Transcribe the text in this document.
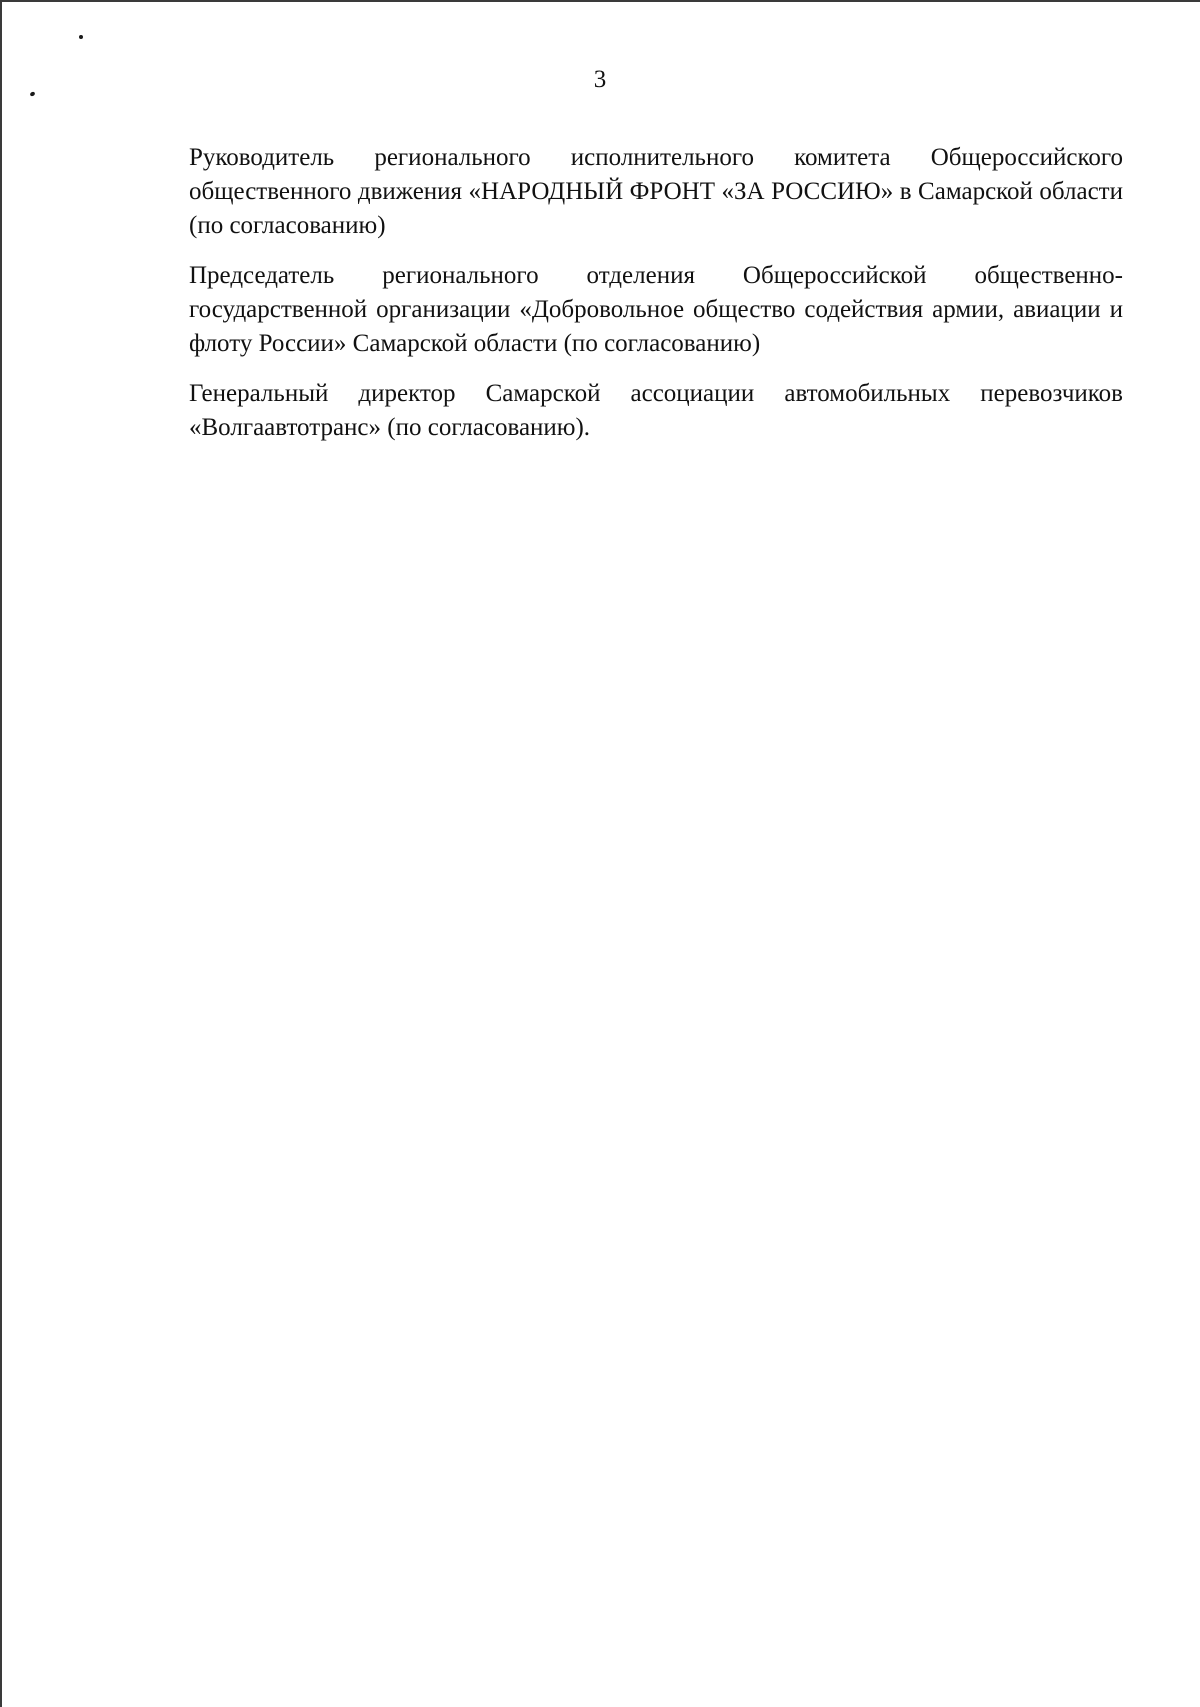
3

Руководитель регионального исполнительного комитета Общероссийского общественного движения «НАРОДНЫЙ ФРОНТ «ЗА РОССИЮ» в Самарской области (по согласованию)

Председатель регионального отделения Общероссийской общественно-государственной организации «Добровольное общество содействия армии, авиации и флоту России» Самарской области (по согласованию)

Генеральный директор Самарской ассоциации автомобильных перевозчиков «Волгаавтотранс» (по согласованию).
